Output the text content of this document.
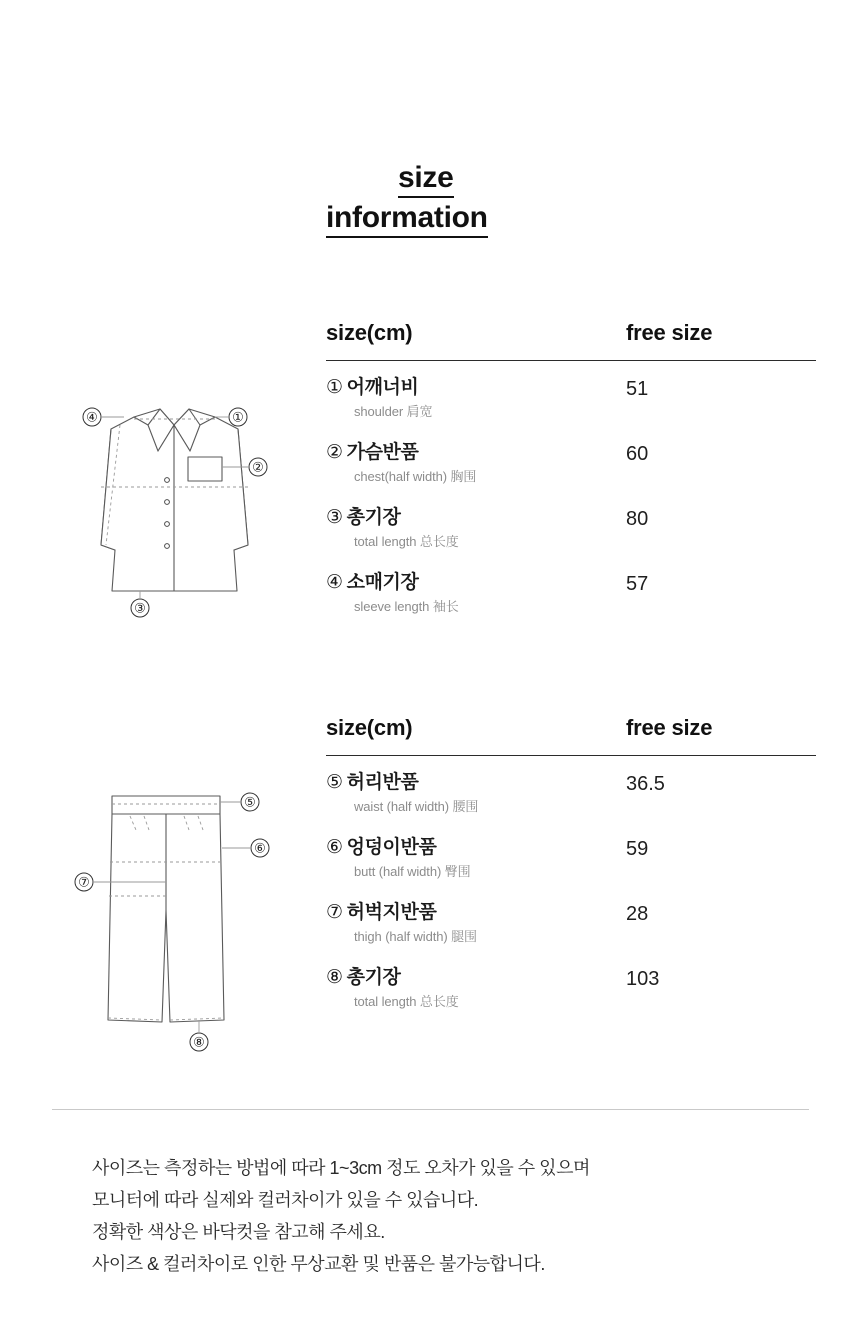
size
information
④	①
②
③
⑤
⑥
⑦
⑧
size(cm)	free size
① 어깨너비
shoulder 肩宽
51
② 가슴반품
chest(half width) 胸围
60
③ 총기장
total length 总长度
80
④ 소매기장
sleeve length 袖长
57
size(cm)	free size
⑤ 허리반품
waist (half width) 腰围
36.5
⑥ 엉덩이반품
butt (half width) 臀围
59
⑦ 허벅지반품
thigh (half width) 腿围
28
⑧ 총기장
total length 总长度
103
사이즈는 측정하는 방법에 따라 1~3cm 정도 오차가 있을 수 있으며
모니터에 따라 실제와 컬러차이가 있을 수 있습니다.
정확한 색상은 바닥컷을 참고해 주세요.
사이즈 & 컬러차이로 인한 무상교환 및 반품은 불가능합니다.
